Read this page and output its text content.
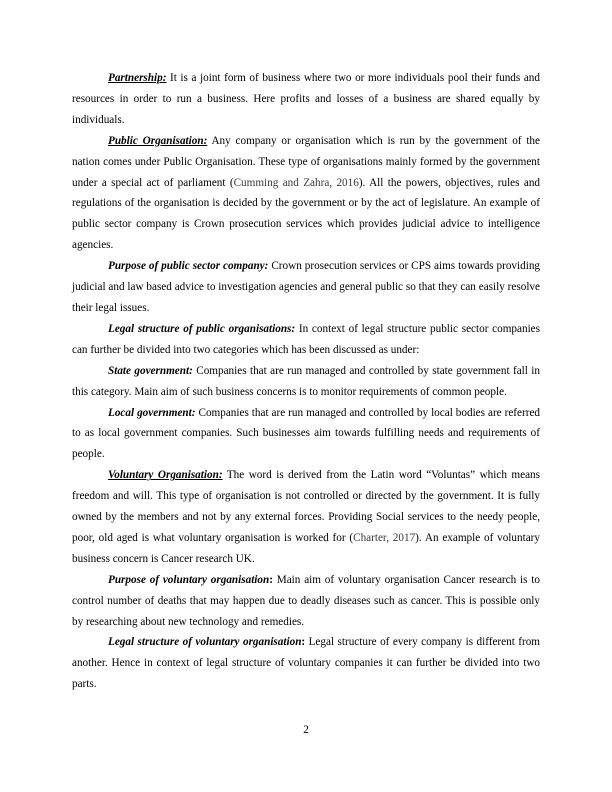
Partnership: It is a joint form of business where two or more individuals pool their funds and resources in order to run a business. Here profits and losses of a business are shared equally by individuals.

Public Organisation: Any company or organisation which is run by the government of the nation comes under Public Organisation. These type of organisations mainly formed by the government under a special act of parliament (Cumming and Zahra, 2016). All the powers, objectives, rules and regulations of the organisation is decided by the government or by the act of legislature. An example of public sector company is Crown prosecution services which provides judicial advice to intelligence agencies.

Purpose of public sector company: Crown prosecution services or CPS aims towards providing judicial and law based advice to investigation agencies and general public so that they can easily resolve their legal issues.

Legal structure of public organisations: In context of legal structure public sector companies can further be divided into two categories which has been discussed as under:

State government: Companies that are run managed and controlled by state government fall in this category. Main aim of such business concerns is to monitor requirements of common people.

Local government: Companies that are run managed and controlled by local bodies are referred to as local government companies. Such businesses aim towards fulfilling needs and requirements of people.

Voluntary Organisation: The word is derived from the Latin word “Voluntas” which means freedom and will. This type of organisation is not controlled or directed by the government. It is fully owned by the members and not by any external forces. Providing Social services to the needy people, poor, old aged is what voluntary organisation is worked for (Charter, 2017). An example of voluntary business concern is Cancer research UK.

Purpose of voluntary organisation: Main aim of voluntary organisation Cancer research is to control number of deaths that may happen due to deadly diseases such as cancer. This is possible only by researching about new technology and remedies.

Legal structure of voluntary organisation: Legal structure of every company is different from another. Hence in context of legal structure of voluntary companies it can further be divided into two parts.

2
